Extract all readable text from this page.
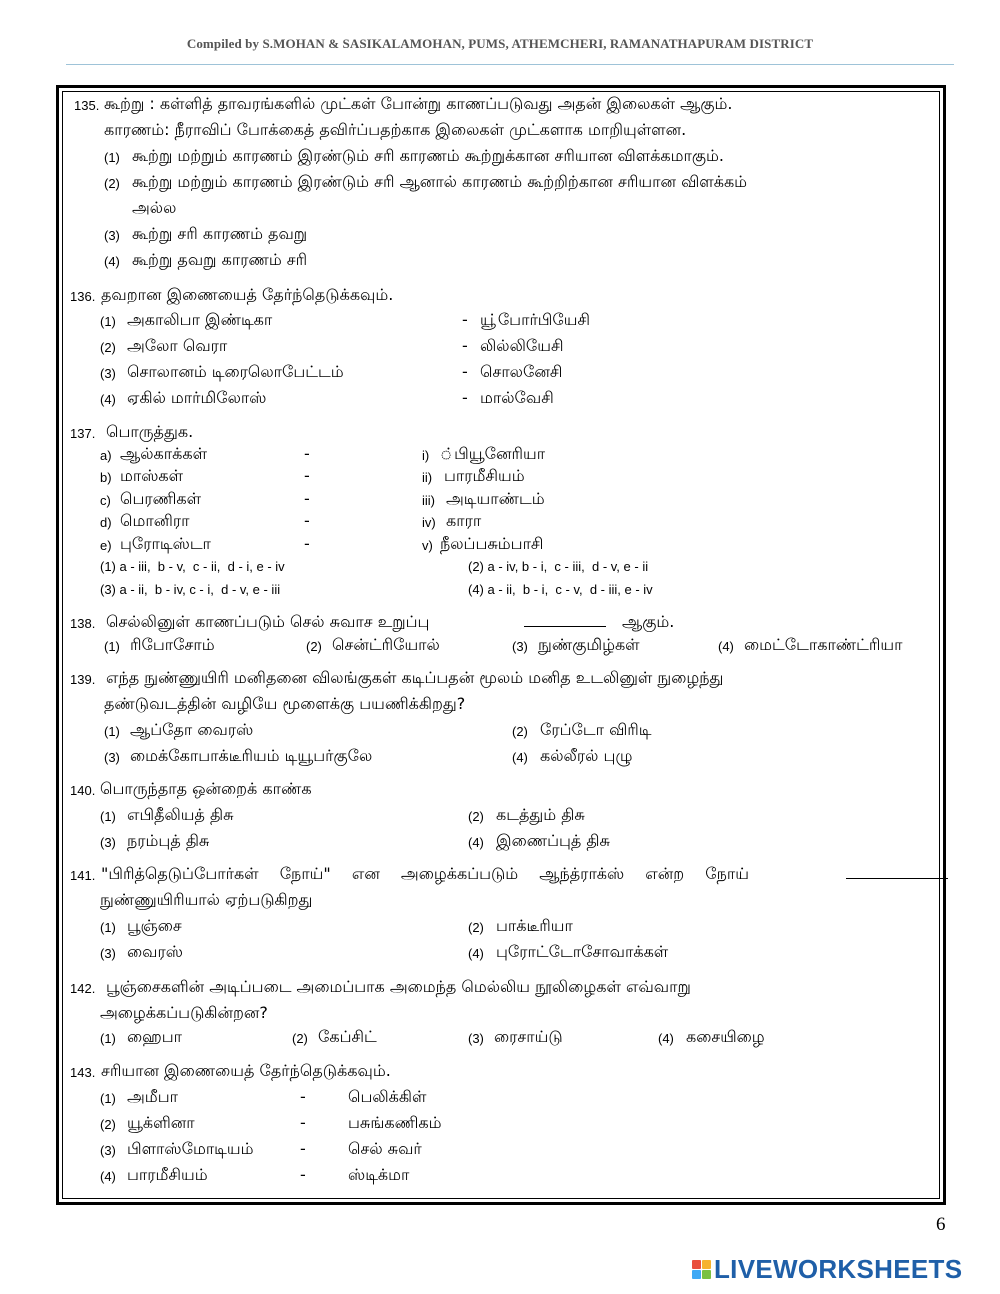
Compiled by S.MOHAN & SASIKALAMOHAN, PUMS, ATHEMCHERI, RAMANATHAPURAM DISTRICT
135. கூற்று : கள்ளித் தாவரங்களில் முட்கள் போன்று காணப்படுவது அதன் இலைகள் ஆகும்.
காரணம்: நீராவிப் போக்கைத் தவிர்ப்பதற்காக இலைகள் முட்களாக மாறியுள்ளன.
(1) கூற்று மற்றும் காரணம் இரண்டும் சரி காரணம் கூற்றுக்கான சரியான விளக்கமாகும்.
(2) கூற்று மற்றும் காரணம் இரண்டும் சரி ஆனால் காரணம் கூற்றிற்கான சரியான விளக்கம்
அல்ல
(3) கூற்று சரி காரணம் தவறு
(4) கூற்று தவறு காரணம் சரி
136. தவறான இணையைத் தேர்ந்தெடுக்கவும்.
(1) அகாலிபா இண்டிகா	- யூ்போர்பியேசி
(2) அலோ வெரா	- லில்லியேசி
(3) சொலானம் டிரைலொபேட்டம்	- சொலனேசி
(4) ஏகில் மார்மிலோஸ்	- மால்வேசி
137. பொருத்துக.
a) ஆல்காக்கள்	-	i) ்பியூனேரியா
b) மாஸ்கள்	-	ii) பாரமீசியம்
c) பெரணிகள்	-	iii) அடியாண்டம்
d) மொனிரா	-	iv) காரா
e) புரோடிஸ்டா	-	v) நீலப்பசும்பாசி
(1) a - iii,  b - v,  c - ii,  d - i, e - iv	(2) a - iv, b - i,  c - iii,  d - v, e - ii
(3) a - ii,  b - iv, c - i,  d - v, e - iii	(4) a - ii,  b - i,  c - v,  d - iii, e - iv
138. செல்லினுள் காணப்படும் செல் சுவாச உறுப்பு	ஆகும்.
(1) ரிபோசோம்	(2) சென்ட்ரியோல்	(3) நுண்குமிழ்கள்	(4) மைட்டோகாண்ட்ரியா
139. எந்த நுண்ணுயிரி மனிதனை விலங்குகள் கடிப்பதன் மூலம் மனித உடலினுள் நுழைந்து
தண்டுவடத்தின் வழியே மூளைக்கு பயணிக்கிறது?
(1) ஆப்தோ வைரஸ்	(2) ரேப்டோ விரிடி
(3) மைக்கோபாக்டீரியம் டியூபர்குலே	(4) கல்லீரல் புழு
140. பொருந்தாத ஒன்றைக் காண்க
(1) எபிதீலியத் திசு	(2) கடத்தும் திசு
(3) நரம்புத் திசு	(4) இணைப்புத் திசு
141. "பிரித்தெடுப்போர்கள் நோய்" என அழைக்கப்படும் ஆந்த்ராக்ஸ் என்ற நோய்
நுண்ணுயிரியால் ஏற்படுகிறது
(1) பூஞ்சை	(2) பாக்டீரியா
(3) வைரஸ்	(4) புரோட்டோசோவாக்கள்
142. பூஞ்சைகளின் அடிப்படை அமைப்பாக அமைந்த மெல்லிய நூலிழைகள் எவ்வாறு
அழைக்கப்படுகின்றன?
(1) ஹைபா	(2) கேப்சிட்	(3) ரைசாய்டு	(4) கசையிழை
143. சரியான இணையைத் தேர்ந்தெடுக்கவும்.
(1) அமீபா	-	பெலிக்கிள்
(2) யூக்ளினா	-	பசுங்கணிகம்
(3) பிளாஸ்மோடியம்	-	செல் சுவர்
(4) பாரமீசியம்	-	ஸ்டிக்மா
6
LIVEWORKSHEETS
